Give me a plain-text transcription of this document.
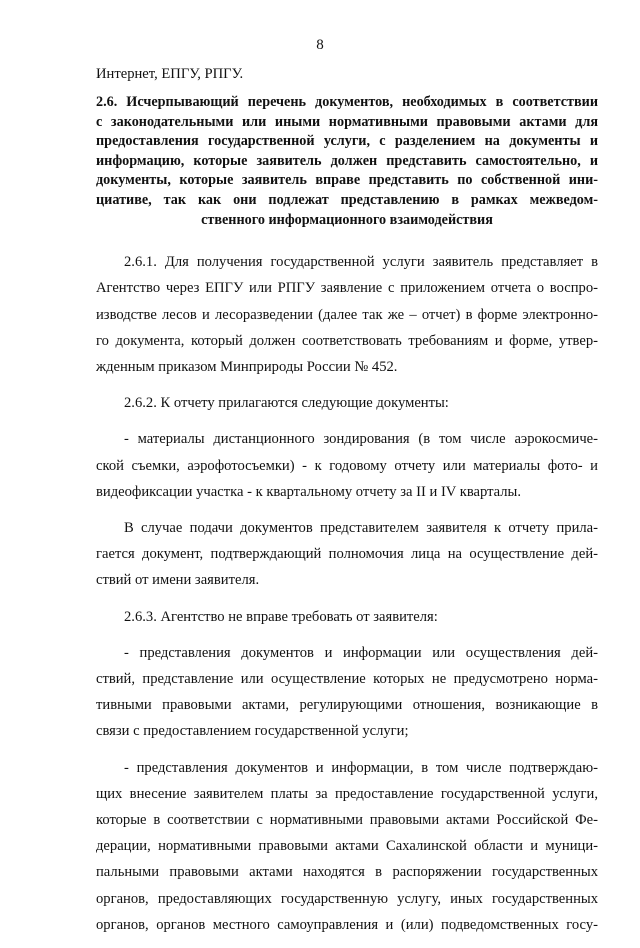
8
Интернет, ЕПГУ, РПГУ.
2.6. Исчерпывающий перечень документов, необходимых в соответствии
с законодательными или иными нормативными правовыми актами для
предоставления государственной услуги, с разделением на документы и
информацию, которые заявитель должен представить самостоятельно, и
документы, которые заявитель вправе представить по собственной ини-
циативе, так как они подлежат представлению в рамках межведом-
ственного информационного взаимодействия
2.6.1. Для получения государственной услуги заявитель представляет в
Агентство через ЕПГУ или РПГУ заявление с приложением отчета о воспро-
изводстве лесов и лесоразведении (далее так же – отчет) в форме электронно-
го документа, который должен соответствовать требованиям и форме, утвер-
жденным приказом Минприроды России № 452.
2.6.2. К отчету прилагаются следующие документы:
- материалы дистанционного зондирования (в том числе аэрокосмиче-
ской съемки, аэрофотосъемки) - к годовому отчету или материалы фото- и
видеофиксации участка - к квартальному отчету за II и IV кварталы.
В случае подачи документов представителем заявителя к отчету прила-
гается документ, подтверждающий полномочия лица на осуществление дей-
ствий от имени заявителя.
2.6.3. Агентство не вправе требовать от заявителя:
- представления документов и информации или осуществления дей-
ствий, представление или осуществление которых не предусмотрено норма-
тивными правовыми актами, регулирующими отношения, возникающие в
связи с предоставлением государственной услуги;
- представления документов и информации, в том числе подтверждаю-
щих внесение заявителем платы за предоставление государственной услуги,
которые в соответствии с нормативными правовыми актами Российской Фе-
дерации, нормативными правовыми актами Сахалинской области и муници-
пальными правовыми актами находятся в распоряжении государственных
органов, предоставляющих государственную услугу, иных государственных
органов, органов местного самоуправления и (или) подведомственных госу-
